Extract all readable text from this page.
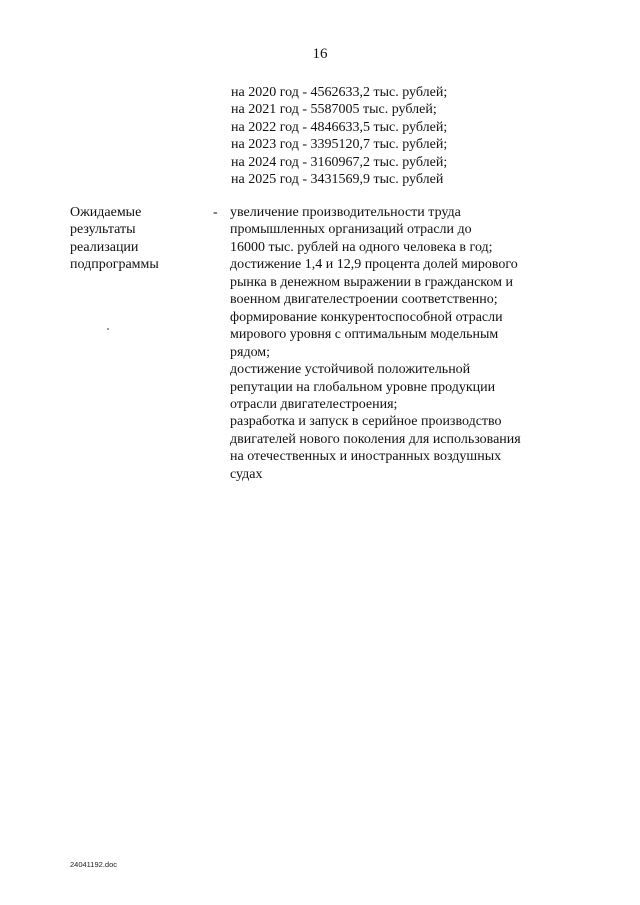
16
на 2020 год - 4562633,2 тыс. рублей;
на 2021 год - 5587005 тыс. рублей;
на 2022 год - 4846633,5 тыс. рублей;
на 2023 год - 3395120,7 тыс. рублей;
на 2024 год - 3160967,2 тыс. рублей;
на 2025 год - 3431569,9 тыс. рублей
Ожидаемые
результаты
реализации
подпрограммы
- увеличение производительности труда
промышленных организаций отрасли до
16000 тыс. рублей на одного человека в год;
достижение 1,4 и 12,9 процента долей мирового
рынка в денежном выражении в гражданском и
военном двигателестроении соответственно;
формирование конкурентоспособной отрасли
мирового уровня с оптимальным модельным
рядом;
достижение устойчивой положительной
репутации на глобальном уровне продукции
отрасли двигателестроения;
разработка и запуск в серийное производство
двигателей нового поколения для использования
на отечественных и иностранных воздушных
судах
24041192.doc
